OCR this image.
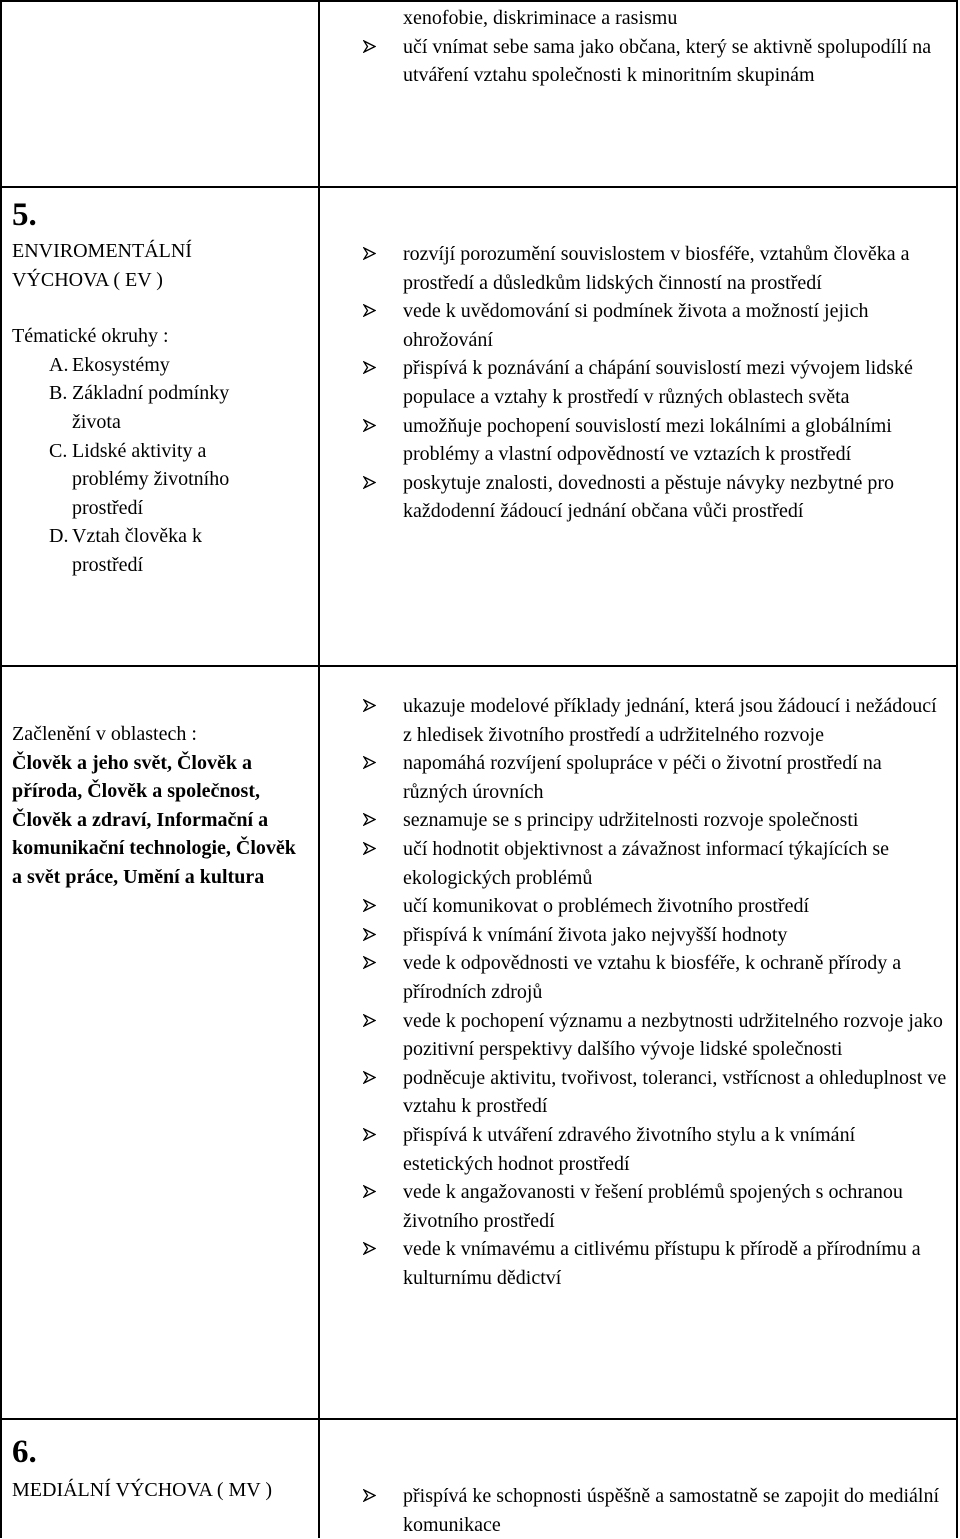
xenofobie, diskriminace a rasismu
učí vnímat sebe sama jako občana, který se aktivně spolupodílí na utváření vztahu společnosti k minoritním skupinám
5.
ENVIROMENTÁLNÍ VÝCHOVA ( EV )
Tématické okruhy :
A. Ekosystémy
B. Základní podmínky života
C. Lidské aktivity a problémy životního prostředí
D. Vztah člověka k prostředí
rozvíjí porozumění souvislostem v biosféře, vztahům člověka a prostředí a důsledkům lidských činností na prostředí
vede k uvědomování si podmínek života a možností jejich ohrožování
přispívá k poznávání a chápání souvislostí mezi vývojem lidské populace a vztahy k prostředí v různých oblastech světa
umožňuje pochopení souvislostí mezi lokálními a globálními problémy a vlastní odpovědností ve vztazích k prostředí
poskytuje znalosti, dovednosti a pěstuje návyky nezbytné pro každodenní žádoucí jednání občana vůči prostředí
Začlenění v oblastech :
Člověk a jeho svět, Člověk a příroda, Člověk a společnost, Člověk a zdraví, Informační a komunikační technologie, Člověk a svět práce, Umění a kultura
ukazuje modelové příklady jednání, která jsou žádoucí i nežádoucí z hledisek životního prostředí a udržitelného rozvoje
napomáhá rozvíjení spolupráce v péči o životní prostředí na různých úrovních
seznamuje se s principy udržitelnosti rozvoje společnosti
učí hodnotit objektivnost a závažnost informací týkajících se ekologických problémů
učí komunikovat o problémech životního prostředí
přispívá k vnímání života jako nejvyšší hodnoty
vede k odpovědnosti ve vztahu k biosféře, k ochraně přírody a přírodních zdrojů
vede k pochopení významu a nezbytnosti udržitelného rozvoje jako pozitivní perspektivy dalšího vývoje lidské společnosti
podněcuje aktivitu, tvořivost, toleranci, vstřícnost a ohleduplnost ve vztahu k prostředí
přispívá k utváření zdravého životního stylu a k vnímání estetických hodnot prostředí
vede k angažovanosti v řešení problémů spojených s ochranou životního prostředí
vede k vnímavému a citlivému přístupu k přírodě a přírodnímu a kulturnímu dědictví
6.
MEDIÁLNÍ VÝCHOVA ( MV )	přispívá ke schopnosti úspěšně a samostatně se zapojit do mediální komunikace
